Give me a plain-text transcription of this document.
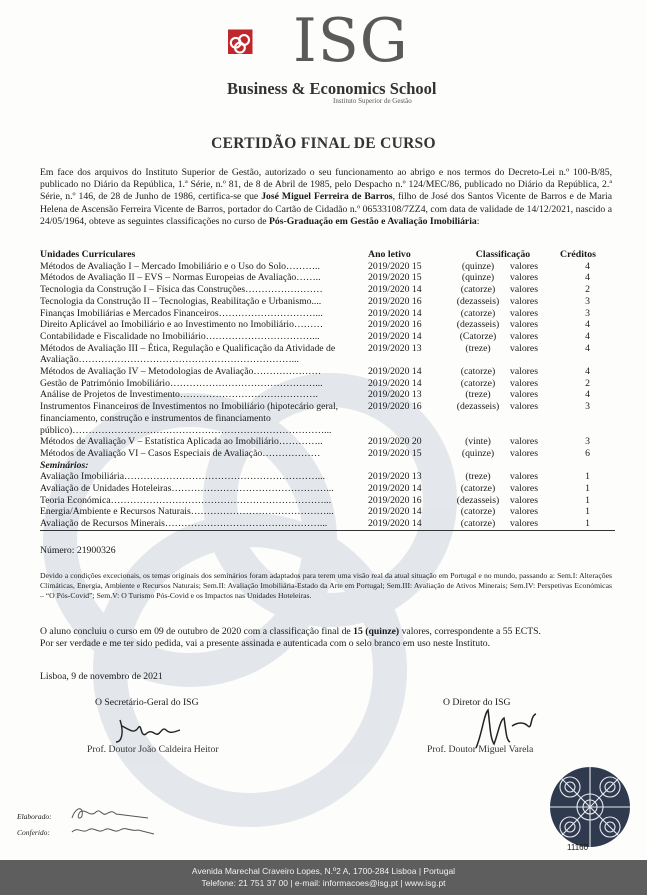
ISG
Business & Economics School
Instituto Superior de Gestão
CERTIDÃO FINAL DE CURSO
Em face dos arquivos do Instituto Superior de Gestão, autorizado o seu funcionamento ao abrigo e nos termos do Decreto-Lei n.º 100-B/85, publicado no Diário da República, 1.ª Série, n.º 81, de 8 de Abril de 1985, pelo Despacho n.º 124/MEC/86, publicado no Diário da República, 2.ª Série, n.º 146, de 28 de Junho de 1986, certifica-se que José Miguel Ferreira de Barros, filho de José dos Santos Vicente de Barros e de Maria Helena de Ascensão Ferreira Vicente de Barros, portador do Cartão de Cidadão n.º 06533108/7ZZ4, com data de validade de 14/12/2021, nascido a 24/05/1964, obteve as seguintes classificações no curso de Pós-Graduação em Gestão e Avaliação Imobiliária:
Unidades Curriculares	Ano letivo	Classificação		Créditos
Métodos de Avaliação I – Mercado Imobiliário e o Uso do Solo………..	2019/2020 15	(quinze)	valores	4
Métodos de Avaliação II – EVS – Normas Europeias de Avaliação……..	2019/2020 15	(quinze)	valores	4
Tecnologia da Construção I – Física das Construções……………………	2019/2020 14	(catorze)	valores	2
Tecnologia da Construção II – Tecnologias, Reabilitação e Urbanismo....	2019/2020 16	(dezasseis)	valores	3
Finanças Imobiliárias e Mercados Financeiros…………………………...	2019/2020 14	(catorze)	valores	3
Direito Aplicável ao Imobiliário e ao Investimento no Imobiliário………	2019/2020 16	(dezasseis)	valores	4
Contabilidade e Fiscalidade no Imobiliário……………………………...	2019/2020 14	(Catorze)	valores	4
Métodos de Avaliação III – Ética, Regulação e Qualificação da Atividade de Avaliação…………………………………………………………...	2019/2020 13	(treze)	valores	4
Métodos de Avaliação IV – Metodologias de Avaliação…………………	2019/2020 14	(catorze)	valores	4
Gestão de Património Imobiliário………………………………………...	2019/2020 14	(catorze)	valores	2
Análise de Projetos de Investimento…………………………………….	2019/2020 13	(treze)	valores	4
Instrumentos Financeiros de Investimentos no Imobiliário (hipotecário geral, financiamento, construção e instrumentos de financiamento público)……………………………………………………………………...	2019/2020 16	(dezasseis)	valores	3
Métodos de Avaliação V – Estatística Aplicada ao Imobiliário…………..	2019/2020 20	(vinte)	valores	3
Métodos de Avaliação VI – Casos Especiais de Avaliação………………	2019/2020 15	(quinze)	valores	6
Seminários:				
Avaliação Imobiliária……………………………………………………...	2019/2020 13	(treze)	valores	1
Avaliação de Unidades Hoteleiras…………………………………………...	2019/2020 14	(catorze)	valores	1
Teoria Económica…………………………………………………………...	2019/2020 16	(dezasseis)	valores	1
Energia/Ambiente e Recursos Naturais……………………………………...	2019/2020 14	(catorze)	valores	1
Avaliação de Recursos Minerais…………………………………………...	2019/2020 14	(catorze)	valores	1
Número: 21900326
Devido a condições excecionais, os temas originais dos seminários foram adaptados para terem uma visão real da atual situação em Portugal e no mundo, passando a: Sem.I: Alterações Climáticas, Energia, Ambiente e Recursos Naturais; Sem.II: Avaliação Imobiliária-Estado da Arte em Portugal; Sem.III: Avaliação de Ativos Minerais; Sem.IV: Perspetivas Económicas – “O Pós-Covid”; Sem.V: O Turismo Pós-Covid e os Impactos nas Unidades Hoteleiras.
O aluno concluiu o curso em 09 de outubro de 2020 com a classificação final de 15 (quinze) valores, correspondente a 55 ECTS.
Por ser verdade e me ter sido pedida, vai a presente assinada e autenticada com o selo branco em uso neste Instituto.
Lisboa, 9 de novembro de 2021
O Secretário-Geral do ISG	O Diretor do ISG
Prof. Doutor João Caldeira Heitor	Prof. Doutor Miguel Varela
Elaborado:
Conferido:
11160
Avenida Marechal Craveiro Lopes, N.º2 A, 1700-284 Lisboa | Portugal
Telefone: 21 751 37 00 | e-mail: informacoes@isg.pt | www.isg.pt
